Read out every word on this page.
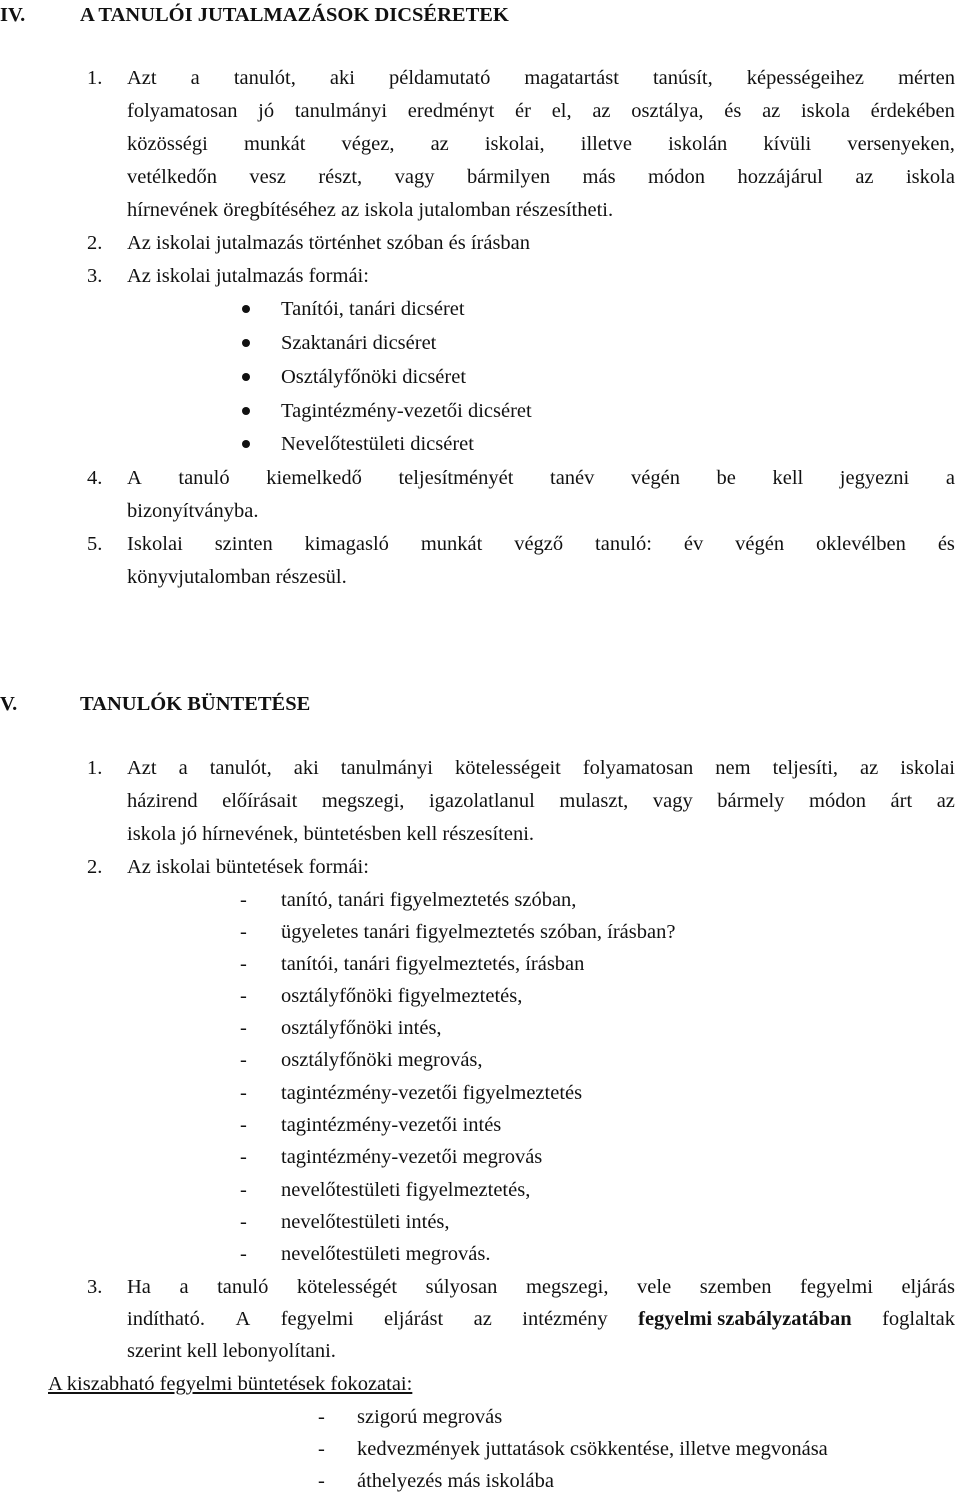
IV.	A TANULÓI JUTALMAZÁSOK DICSÉRETEK
1. Azt a tanulót, aki példamutató magatartást tanúsít, képességeihez mérten
folyamatosan jó tanulmányi eredményt ér el, az osztálya, és az iskola érdekében
közösségi munkát végez, az iskolai, illetve iskolán kívüli versenyeken,
vetélkedőn vesz részt, vagy bármilyen más módon hozzájárul az iskola
hírnevének öregbítéséhez az iskola jutalomban részesítheti.
2. Az iskolai jutalmazás történhet szóban és írásban
3. Az iskolai jutalmazás formái:
Tanítói, tanári dicséret
Szaktanári dicséret
Osztályfőnöki dicséret
Tagintézmény-vezetői dicséret
Nevelőtestületi dicséret
4. A tanuló kiemelkedő teljesítményét tanév végén be kell jegyezni a
bizonyítványba.
5. Iskolai szinten kimagasló munkát végző tanuló: év végén oklevélben és
könyvjutalomban részesül.
V.	TANULÓK BÜNTETÉSE
1. Azt a tanulót, aki tanulmányi kötelességeit folyamatosan nem teljesíti, az iskolai
házirend előírásait megszegi, igazolatlanul mulaszt, vagy bármely módon árt az
iskola jó hírnevének, büntetésben kell részesíteni.
2. Az iskolai büntetések formái:
- tanító, tanári figyelmeztetés szóban,
- ügyeletes tanári figyelmeztetés szóban, írásban?
- tanítói, tanári figyelmeztetés, írásban
- osztályfőnöki figyelmeztetés,
- osztályfőnöki intés,
- osztályfőnöki megrovás,
- tagintézmény-vezetői figyelmeztetés
- tagintézmény-vezetői intés
- tagintézmény-vezetői megrovás
- nevelőtestületi figyelmeztetés,
- nevelőtestületi intés,
- nevelőtestületi megrovás.
3. Ha a tanuló kötelességét súlyosan megszegi, vele szemben fegyelmi eljárás
indítható. A fegyelmi eljárást az intézmény fegyelmi szabályzatában foglaltak
szerint kell lebonyolítani.
A kiszabható fegyelmi büntetések fokozatai:
- szigorú megrovás
- kedvezmények juttatások csökkentése, illetve megvonása
- áthelyezés más iskolába
